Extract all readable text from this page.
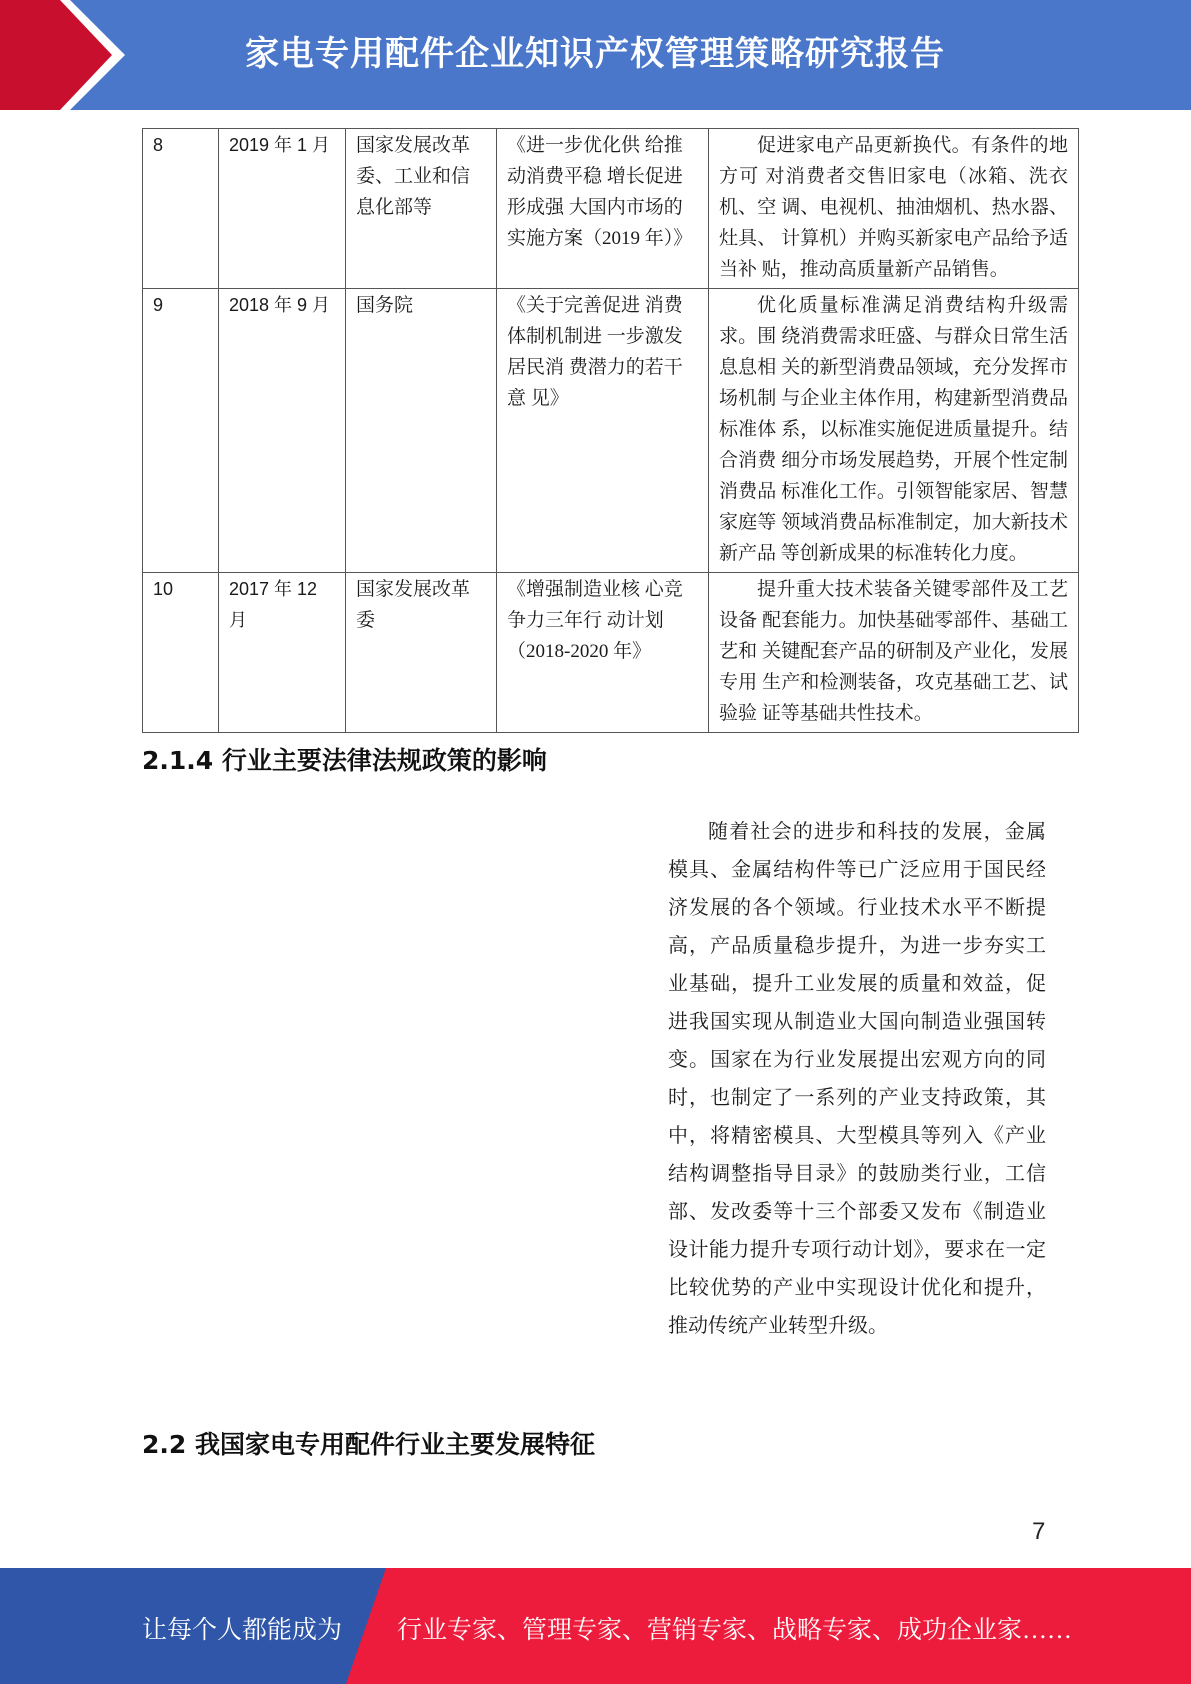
家电专用配件企业知识产权管理策略研究报告
8	2019 年 1 月	国家发展改革委、工业和信息化部等	《进一步优化供 给推动消费平稳 增长促进形成强 大国内市场的实施方案（2019 年）》	促进家电产品更新换代。有条件的地方可 对消费者交售旧家电（冰箱、洗衣机、空 调、电视机、抽油烟机、热水器、灶具、 计算机）并购买新家电产品给予适当补 贴，推动高质量新产品销售。

9	2018 年 9 月	国务院	《关于完善促进 消费体制机制进 一步激发居民消 费潜力的若干意 见》	优化质量标准满足消费结构升级需求。围 绕消费需求旺盛、与群众日常生活息息相 关的新型消费品领域，充分发挥市场机制 与企业主体作用，构建新型消费品标准体 系，以标准实施促进质量提升。结合消费 细分市场发展趋势，开展个性定制消费品 标准化工作。引领智能家居、智慧家庭等 领域消费品标准制定，加大新技术新产品 等创新成果的标准转化力度。

10	2017 年 12 月	国家发展改革委	《增强制造业核 心竞争力三年行 动计划（2018-2020 年》	提升重大技术装备关键零部件及工艺设备 配套能力。加快基础零部件、基础工艺和 关键配套产品的研制及产业化，发展专用 生产和检测装备，攻克基础工艺、试验验 证等基础共性技术。

2.1.4 行业主要法律法规政策的影响

随着社会的进步和科技的发展，金属模具、金属结构件等已广泛应用于国民经济发展的各个领域。行业技术水平不断提高，产品质量稳步提升，为进一步夯实工业基础，提升工业发展的质量和效益，促进我国实现从制造业大国向制造业强国转变。国家在为行业发展提出宏观方向的同时，也制定了一系列的产业支持政策，其中，将精密模具、大型模具等列入《产业结构调整指导目录》的鼓励类行业，工信部、发改委等十三个部委又发布《制造业设计能力提升专项行动计划》，要求在一定比较优势的产业中实现设计优化和提升，推动传统产业转型升级。

2.2 我国家电专用配件行业主要发展特征
7
让每个人都能成为 行业专家、管理专家、营销专家、战略专家、成功企业家……
